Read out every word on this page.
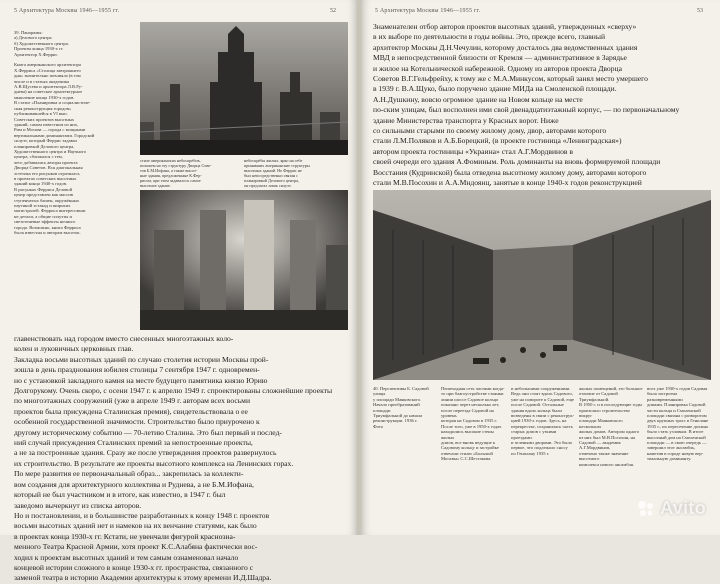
5 Архитектура Москвы 1946—1955 гг.	52
39. Панорамы:
а) Делового центра
б) Художественного центра.
Проекты конца 1930-х гг.
Архитектор Х.Феррис

Книга американского архитектора
Х.Ферриса «Столица завтрашнего
дня» значительно повлияла (в том
числе и в статьях академика
А.В.Щусева и архитектора Л.В.Ру-
днева) на советское архитектурное
мышление конца 1930-х годов.
В статье «Планировка и социалистиче-
ская реконструкция городов»
публиковавшейся в VI вып.
Советских проектов высотных
зданий, самом известном из них,
Рим и Москва — города с мощными
вертикальными доминантами. Городской
силуэт, который Феррис задавал
планировкой Делового центра,
Художественного центра и Научного
центра, сближался с тем,
чего добивались авторы проекта
Дворца Советов. Вся диагональная
эстетика его рисунков отразилась
в проектах советских высотных
зданий конца 1940-х годов.
В рисунках Ферриса Деловой
центр представлен как массив
ступенчатых башен, окружённых
паутиной эстакад и широких
магистралей. Ферриса интересовали
не детали, а общие силуэты и
светотеневые эффекты ночного
города. Возможно, книга Ферриса
была известна и авторам высоток.
стиле американских небоскрёбов,
похожем на эту структуру Дворца Сове-
тов Б.М.Иофана, а также высот-
ные здания, предложенные К.Фер-
рисом, при этом задавалось самое
высотное здание.
небоскрёбы жилых, ярко на себе
принявших американские структуры
высотных зданий. Но Феррис не
был непосредственно связан с
планировкой Делового центра,
он предлагал лишь силуэт.
главенствовать над городом вместо снесенных многоэтажных коло-
колен и луковичных церковных глав.
Закладка восьми высотных зданий по случаю столетия истории Москвы прой-
зошла в день празднования юбилея столицы 7 сентября 1947 г. одновремен-
но с установкой закладного камня на месте будущего памятника князю Юрию
Долгорукому. Очень скоро, с осени 1947 г. к апрелю 1949 г. спроектированы сложнейшие проекты
по многоэтажных сооружений (уже в апреле 1949 г. авторам всех восьми
проектов была присуждена Сталинская премия), свидетельствовала о ее
особенной государственной значимости. Строительство было приурочено к
другому историческому событию — 70-летию Сталина. Это был первый и послед-
ний случай присуждения Сталинских премий за непостроенные проекты,
а не за построенные здания. Сразу же после утверждения проектов развернулось
их строительство. В результате же проекты высотного комплекса на Ленинских горах.
По мере развития ее первоначальный образ... закрепилась за коллекти-
вом создания для архитектурного коллектива и Руднева, а не Б.М.Иофана,
который не был участником и в итоге, как известно, в 1947 г. был
заведомо вычеркнут из списка авторов.
Но и постановлении, и в большинстве разработанных к концу 1948 г. проектов
восьми высотных зданий нет и намеков на их венчание статуями, как было
в проектах конца 1930-х гг. Кстати, не увенчали фигурой краснозна-
менного Театра Красной Армии, хотя проект К.С.Алабяна фактически вос-
ходил к проектам высотных зданий и тем самым ознаменовал начало
концевой истории сложного в конце 1930-х гг. пространства, связанного с
заменой театра в историю Академии архитектуры к этому времени И.Д.Шадра.
5 Архитектура Москвы 1946—1955 гг.	53
Знаменателен отбор авторов проектов высотных зданий, утвержденных «сверху»
в их выборе по деятельности в годы войны. Это, прежде всего, главный
архитектор Москвы Д.Н.Чечулин, которому досталось два ведомственных здания
МВД в непосредственной близости от Кремля — административное в Зарядье
и жилое на Котельнической набережной. Одному из авторов проекта Дворца
Советов В.Г.Гельфрейху, к тому же с М.А.Минкусом, который занял место умершего
в 1939 г. В.А.Щуко, было поручено здание МИДа на Смоленской площади.
А.Н.Душкину, вовсю огромное здание на Новом кольце на месте
по-ским улицам, был восполнен ими свой двенадцатиэтажный корпус, — по первоначальному
здание Министерства транспорта у Красных ворот. Ниже
со сильными старыми по своему жилому дому, двор, авторами которого
стали Л.М.Поляков и А.Б.Борецкий, (в проекте гостиница «Ленинградская»)
автором проекта гостиницы «Украина» стал А.Г.Мордвинов в
своей очереди его здания А.Фоминым. Роль доминанты на вновь формируемой площади
Восстания (Кудринской) была отведена высотному жилому дому, авторами которого
стали М.В.Посохин и А.А.Мндоянц, занятые в конце 1940-х годов реконструкцией

40. Перспективы Б. Садовой улицы
у площади Маяковского.
Начало преобразований площади
Триумфальной до начала
реконструкции. 1936 г.
Фото
Пешеходная сеть частями когда-
то при благоустройстве стоянки
линии шоссе Садовое кольцо
показано через несколько лет,
после переезда Садовой на уровень
которая на Садовом в 1935 г.
После того, уже в 1950-х годах
находились высокие стены жилых
домов, все вновь ведущие к
Садовому кольцу и застройке
отвечали стилю «Большой
Москвы» С.С.Шестакова.
и небольшими сооружениями.
Ведь они стоят вдоль Садового,
уже на повороте к Садовой, еще
после Садовой. Остальные
здания вдоль кольца были
возведены в связи с реконструк-
цией 1930-х годов. Здесь, на
перекрестке, сохранилась часть
старых домов с узкими проездами
и зелеными дворами. Это было
первое, что подлежало сносу
по Генплану 1935 г.
жилых помещений, это большое
отличие от Садовой Триумфальной.
В 1950 г. и в последующие годы
произошло строительство вокруг
площади Маяковского нескольких
жилых домов. Автором одного
из них был М.В.Посохин, на
Садовой — академик А.Г.Мордвинов,
отмечено также значение высотного
комплекса нового ансамбля.
всех уже 1930-х годов Садовая
была застроена разновременными
домами. Планировка Садовой
части кольца и Смоленской
площади связана с разворотом
двух крупных трасс в Генплане
1935 г., их пересечение должно
было стать узловым. В итоге
высотный дом на Смоленской
площади — в свою очередь —
завершил этот ансамбль,
наметив в городе новую вер-
тикальную доминанту.
Avito
